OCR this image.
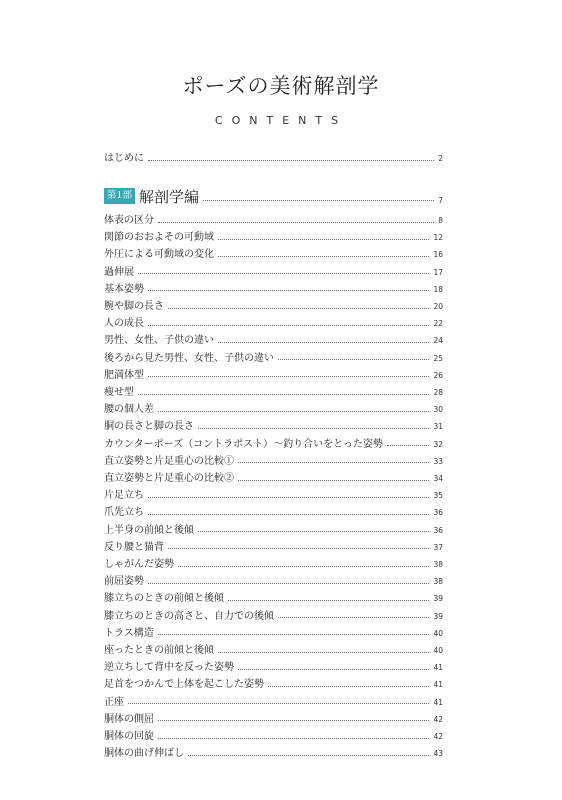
ポーズの美術解剖学
CONTENTS
はじめに	2
第1部 解剖学編	7
体表の区分	8
関節のおおよその可動域	12
外圧による可動域の変化	16
過伸展	17
基本姿勢	18
腕や脚の長さ	20
人の成長	22
男性、女性、子供の違い	24
後ろから見た男性、女性、子供の違い	25
肥満体型	26
痩せ型	28
腰の個人差	30
胴の長さと脚の長さ	31
カウンターポーズ（コントラポスト）～釣り合いをとった姿勢	32
直立姿勢と片足重心の比較①	33
直立姿勢と片足重心の比較②	34
片足立ち	35
爪先立ち	36
上半身の前傾と後傾	36
反り腰と猫背	37
しゃがんだ姿勢	38
前屈姿勢	38
膝立ちのときの前傾と後傾	39
膝立ちのときの高さと、自力での後傾	39
トラス構造	40
座ったときの前傾と後傾	40
逆立ちして背中を反った姿勢	41
足首をつかんで上体を起こした姿勢	41
正座	41
胴体の側屈	42
胴体の回旋	42
胴体の曲げ伸ばし	43
